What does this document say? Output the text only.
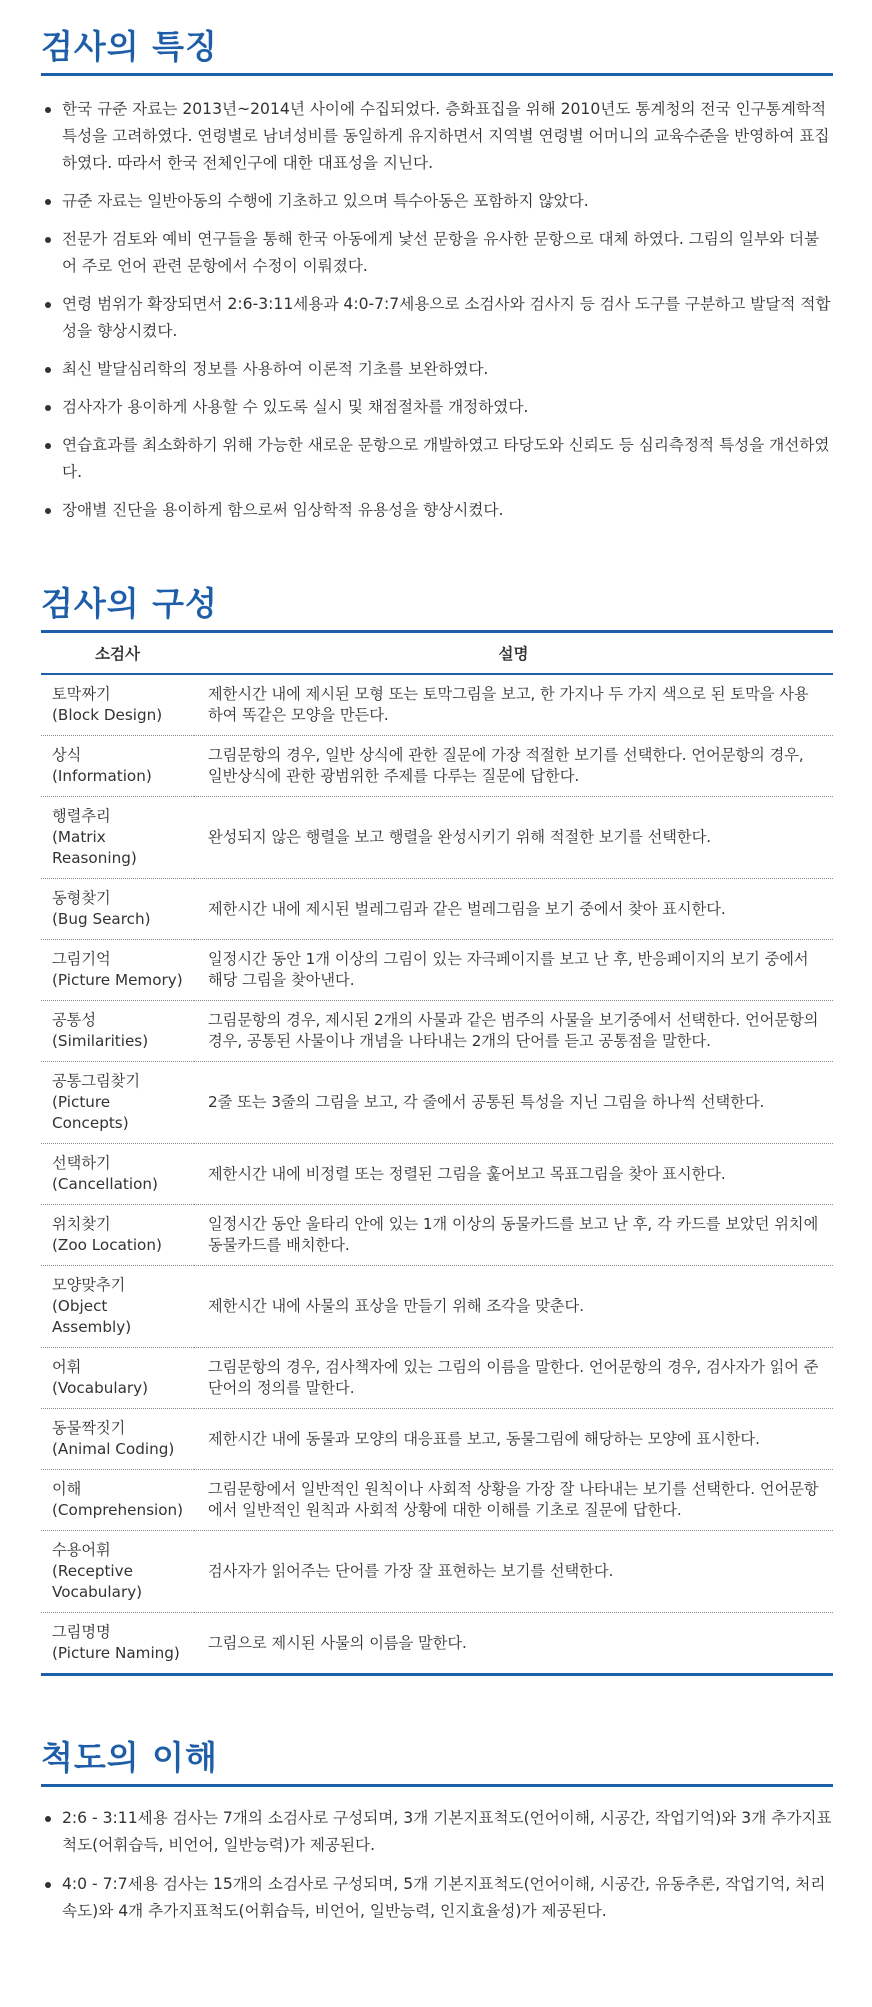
검사의 특징
한국 규준 자료는 2013년~2014년 사이에 수집되었다. 층화표집을 위해 2010년도 통계청의 전국 인구통계학적 특성을 고려하였다. 연령별로 남녀성비를 동일하게 유지하면서 지역별 연령별 어머니의 교육수준을 반영하여 표집하였다. 따라서 한국 전체인구에 대한 대표성을 지닌다.
규준 자료는 일반아동의 수행에 기초하고 있으며 특수아동은 포함하지 않았다.
전문가 검토와 예비 연구들을 통해 한국 아동에게 낯선 문항을 유사한 문항으로 대체 하였다. 그림의 일부와 더불어 주로 언어 관련 문항에서 수정이 이뤄졌다.
연령 범위가 확장되면서 2:6-3:11세용과 4:0-7:7세용으로 소검사와 검사지 등 검사 도구를 구분하고 발달적 적합성을 향상시켰다.
최신 발달심리학의 정보를 사용하여 이론적 기초를 보완하였다.
검사자가 용이하게 사용할 수 있도록 실시 및 채점절차를 개정하였다.
연습효과를 최소화하기 위해 가능한 새로운 문항으로 개발하였고 타당도와 신뢰도 등 심리측정적 특성을 개선하였다.
장애별 진단을 용이하게 함으로써 임상학적 유용성을 향상시켰다.
검사의 구성
소검사	설명

토막짜기
(Block Design)	제한시간 내에 제시된 모형 또는 토막그림을 보고, 한 가지나 두 가지 색으로 된 토막을 사용하여 똑같은 모양을 만든다.

상식
(Information)	그림문항의 경우, 일반 상식에 관한 질문에 가장 적절한 보기를 선택한다. 언어문항의 경우, 일반상식에 관한 광범위한 주제를 다루는 질문에 답한다.

행렬추리
(Matrix Reasoning)	완성되지 않은 행렬을 보고 행렬을 완성시키기 위해 적절한 보기를 선택한다.

동형찾기
(Bug Search)	제한시간 내에 제시된 벌레그림과 같은 벌레그림을 보기 중에서 찾아 표시한다.

그림기억
(Picture Memory)	일정시간 동안 1개 이상의 그림이 있는 자극페이지를 보고 난 후, 반응페이지의 보기 중에서 해당 그림을 찾아낸다.

공통성
(Similarities)	그림문항의 경우, 제시된 2개의 사물과 같은 범주의 사물을 보기중에서 선택한다. 언어문항의 경우, 공통된 사물이나 개념을 나타내는 2개의 단어를 듣고 공통점을 말한다.

공통그림찾기
(Picture Concepts)	2줄 또는 3줄의 그림을 보고, 각 줄에서 공통된 특성을 지닌 그림을 하나씩 선택한다.

선택하기
(Cancellation)	제한시간 내에 비정렬 또는 정렬된 그림을 훑어보고 목표그림을 찾아 표시한다.

위치찾기
(Zoo Location)	일정시간 동안 울타리 안에 있는 1개 이상의 동물카드를 보고 난 후, 각 카드를 보았던 위치에 동물카드를 배치한다.

모양맞추기
(Object Assembly)	제한시간 내에 사물의 표상을 만들기 위해 조각을 맞춘다.

어휘
(Vocabulary)	그림문항의 경우, 검사책자에 있는 그림의 이름을 말한다. 언어문항의 경우, 검사자가 읽어 준 단어의 정의를 말한다.

동물짝짓기
(Animal Coding)	제한시간 내에 동물과 모양의 대응표를 보고, 동물그림에 해당하는 모양에 표시한다.

이해
(Comprehension)	그림문항에서 일반적인 원칙이나 사회적 상황을 가장 잘 나타내는 보기를 선택한다. 언어문항에서 일반적인 원칙과 사회적 상황에 대한 이해를 기초로 질문에 답한다.

수용어휘
(Receptive Vocabulary)	검사자가 읽어주는 단어를 가장 잘 표현하는 보기를 선택한다.

그림명명
(Picture Naming)	그림으로 제시된 사물의 이름을 말한다.
척도의 이해
2:6 - 3:11세용 검사는 7개의 소검사로 구성되며, 3개 기본지표척도(언어이해, 시공간, 작업기억)와 3개 추가지표척도(어휘습득, 비언어, 일반능력)가 제공된다.
4:0 - 7:7세용 검사는 15개의 소검사로 구성되며, 5개 기본지표척도(언어이해, 시공간, 유동추론, 작업기억, 처리속도)와 4개 추가지표척도(어휘습득, 비언어, 일반능력, 인지효율성)가 제공된다.
